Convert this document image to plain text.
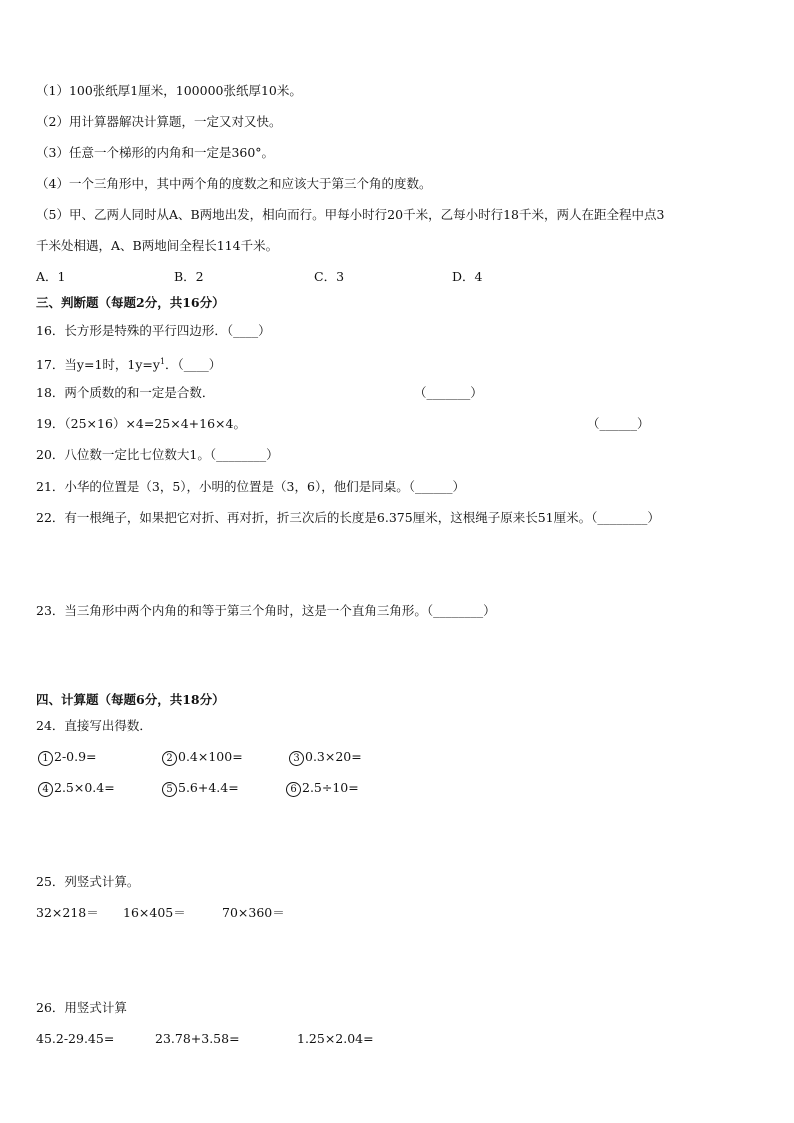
（1）100张纸厚1厘米，100000张纸厚10米。
（2）用计算器解决计算题，一定又对又快。
（3）任意一个梯形的内角和一定是360°。
（4）一个三角形中，其中两个角的度数之和应该大于第三个角的度数。
（5）甲、乙两人同时从A、B两地出发，相向而行。甲每小时行20千米，乙每小时行18千米，两人在距全程中点3
千米处相遇，A、B两地间全程长114千米。
A．1	B．2	C．3	D．4
三、判断题（每题2分，共16分）
16．长方形是特殊的平行四边形．（____）
17．当y=1时，$1y=y^1$．（____）
18．两个质数的和一定是合数．	（_______）
19．（25×16）×4=25×4+16×4。	（______）
20．八位数一定比七位数大1。（________）
21．小华的位置是（3，5），小明的位置是（3，6），他们是同桌。（______）
22．有一根绳子，如果把它对折、再对折，折三次后的长度是6.375厘米，这根绳子原来长51厘米。（________）
23．当三角形中两个内角的和等于第三个角时，这是一个直角三角形。（________）
四、计算题（每题6分，共18分）
24．直接写出得数．
1 2-0.9=	2 0.4×100=	3 0.3×20=
4 2.5×0.4=	5 5.6+4.4=	6 2.5÷10=
25．列竖式计算。
32×218＝ 16×405＝	70×360＝
26．用竖式计算
45.2-29.45=	23.78+3.58=	1.25×2.04=
